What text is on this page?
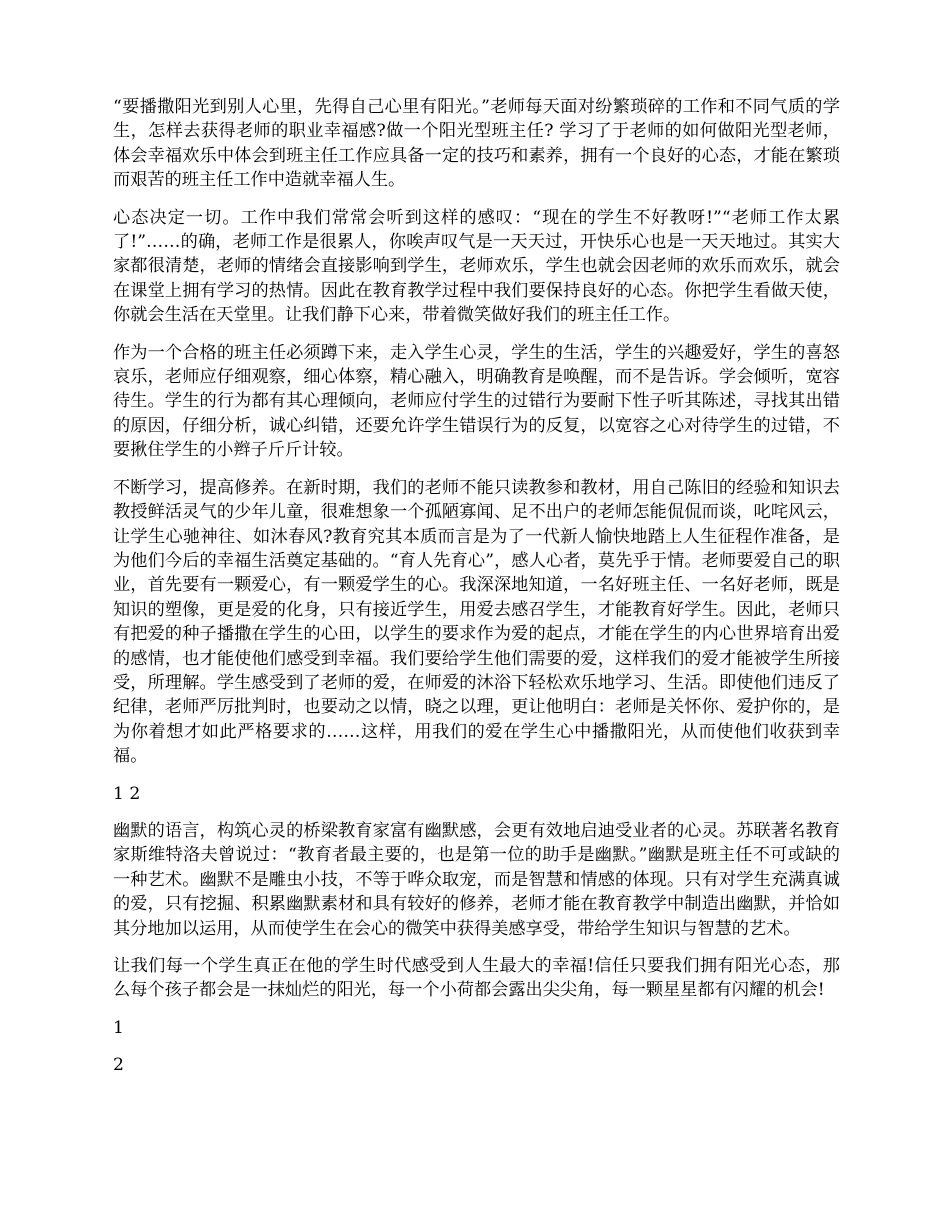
“要播撒阳光到别人心里，先得自己心里有阳光。”老师每天面对纷繁琐碎的工作和不同气质的学生，怎样去获得老师的职业幸福感?做一个阳光型班主任? 学习了于老师的如何做阳光型老师，体会幸福欢乐中体会到班主任工作应具备一定的技巧和素养，拥有一个良好的心态，才能在繁琐而艰苦的班主任工作中造就幸福人生。

心态决定一切。工作中我们常常会听到这样的感叹：“现在的学生不好教呀!”“老师工作太累了!”……的确，老师工作是很累人，你唉声叹气是一天天过，开快乐心也是一天天地过。其实大家都很清楚，老师的情绪会直接影响到学生，老师欢乐，学生也就会因老师的欢乐而欢乐，就会在课堂上拥有学习的热情。因此在教育教学过程中我们要保持良好的心态。你把学生看做天使，你就会生活在天堂里。让我们静下心来，带着微笑做好我们的班主任工作。

作为一个合格的班主任必须蹲下来，走入学生心灵，学生的生活，学生的兴趣爱好，学生的喜怒哀乐，老师应仔细观察，细心体察，精心融入，明确教育是唤醒，而不是告诉。学会倾听，宽容待生。学生的行为都有其心理倾向，老师应付学生的过错行为要耐下性子听其陈述，寻找其出错的原因，仔细分析，诚心纠错，还要允许学生错误行为的反复，以宽容之心对待学生的过错，不要揪住学生的小辫子斤斤计较。

不断学习，提高修养。在新时期，我们的老师不能只读教参和教材，用自己陈旧的经验和知识去教授鲜活灵气的少年儿童，很难想象一个孤陋寡闻、足不出户的老师怎能侃侃而谈，叱咤风云，让学生心驰神往、如沐春风?教育究其本质而言是为了一代新人愉快地踏上人生征程作准备，是为他们今后的幸福生活奠定基础的。“育人先育心”，感人心者，莫先乎于情。老师要爱自己的职业，首先要有一颗爱心，有一颗爱学生的心。我深深地知道，一名好班主任、一名好老师，既是知识的塑像，更是爱的化身，只有接近学生，用爱去感召学生，才能教育好学生。因此，老师只有把爱的种子播撒在学生的心田，以学生的要求作为爱的起点，才能在学生的内心世界培育出爱的感情，也才能使他们感受到幸福。我们要给学生他们需要的爱，这样我们的爱才能被学生所接受，所理解。学生感受到了老师的爱，在师爱的沐浴下轻松欢乐地学习、生活。即使他们违反了纪律，老师严厉批判时，也要动之以情，晓之以理，更让他明白：老师是关怀你、爱护你的，是为你着想才如此严格要求的……这样，用我们的爱在学生心中播撒阳光，从而使他们收获到幸福。

1 2

幽默的语言，构筑心灵的桥梁教育家富有幽默感，会更有效地启迪受业者的心灵。苏联著名教育家斯维特洛夫曾说过：“教育者最主要的，也是第一位的助手是幽默。”幽默是班主任不可或缺的一种艺术。幽默不是雕虫小技，不等于哗众取宠，而是智慧和情感的体现。只有对学生充满真诚的爱，只有挖掘、积累幽默素材和具有较好的修养，老师才能在教育教学中制造出幽默，并恰如其分地加以运用，从而使学生在会心的微笑中获得美感享受，带给学生知识与智慧的艺术。

让我们每一个学生真正在他的学生时代感受到人生最大的幸福!信任只要我们拥有阳光心态，那么每个孩子都会是一抹灿烂的阳光，每一个小荷都会露出尖尖角，每一颗星星都有闪耀的机会!

1

2
